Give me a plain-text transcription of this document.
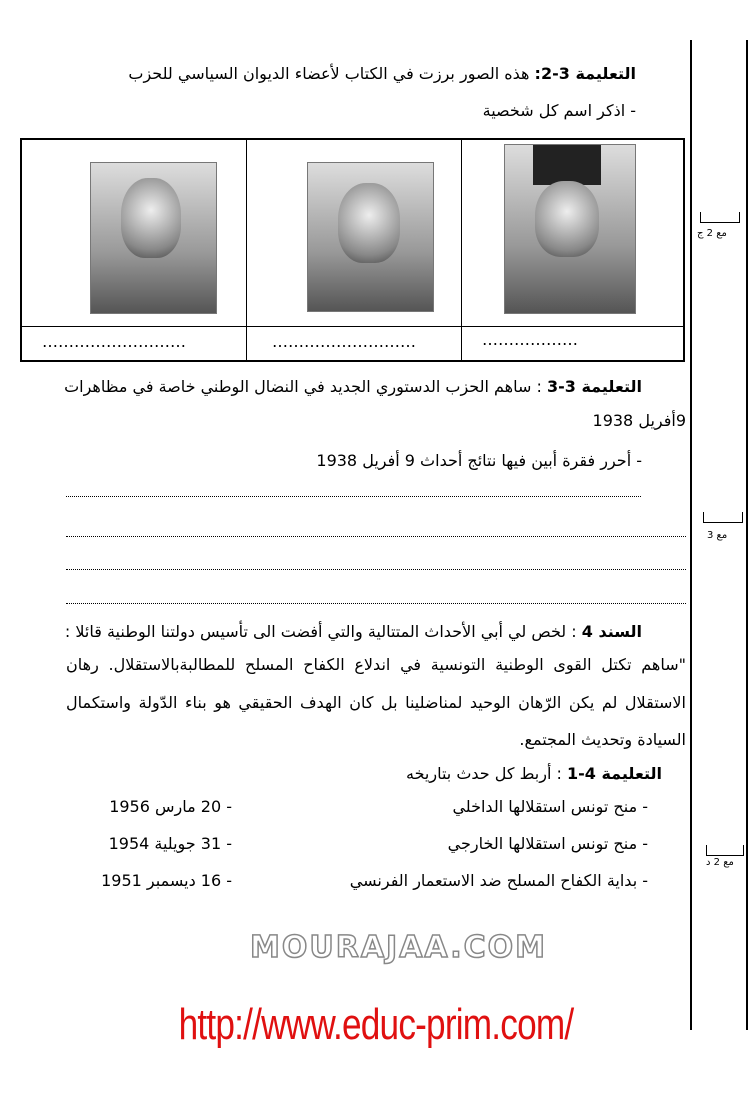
مع 2 ج
مع 3
مع 2 د
التعليمة 3-2: هذه الصور برزت في الكتاب لأعضاء الديوان السياسي للحزب
- اذكر اسم كل شخصية
………………………	………………………	………………
التعليمة 3-3 : ساهم الحزب الدستوري الجديد في النضال الوطني خاصة في مظاهرات
9أفريل 1938
- أحرر فقرة أبين فيها نتائج أحداث 9 أفريل 1938
السند 4 : لخص لي أبي الأحداث المتتالية والتي أفضت الى تأسيس دولتنا الوطنية قائلا :
"ساهم تكتل القوى الوطنية التونسية في اندلاع الكفاح المسلح للمطالبةبالاستقلال. رهان
الاستقلال لم يكن الرّهان الوحيد لمناضلينا بل كان الهدف الحقيقي هو بناء الدّولة واستكمال
السيادة وتحديث المجتمع.
التعليمة 4-1 : أربط كل حدث بتاريخه
- منح تونس استقلالها الداخلي
- منح تونس استقلالها الخارجي
- بداية الكفاح المسلح ضد الاستعمار الفرنسي
- 20 مارس 1956
- 31 جويلية 1954
- 16 ديسمبر 1951
MOURAJAA.COM
http://www.educ-prim.com/
